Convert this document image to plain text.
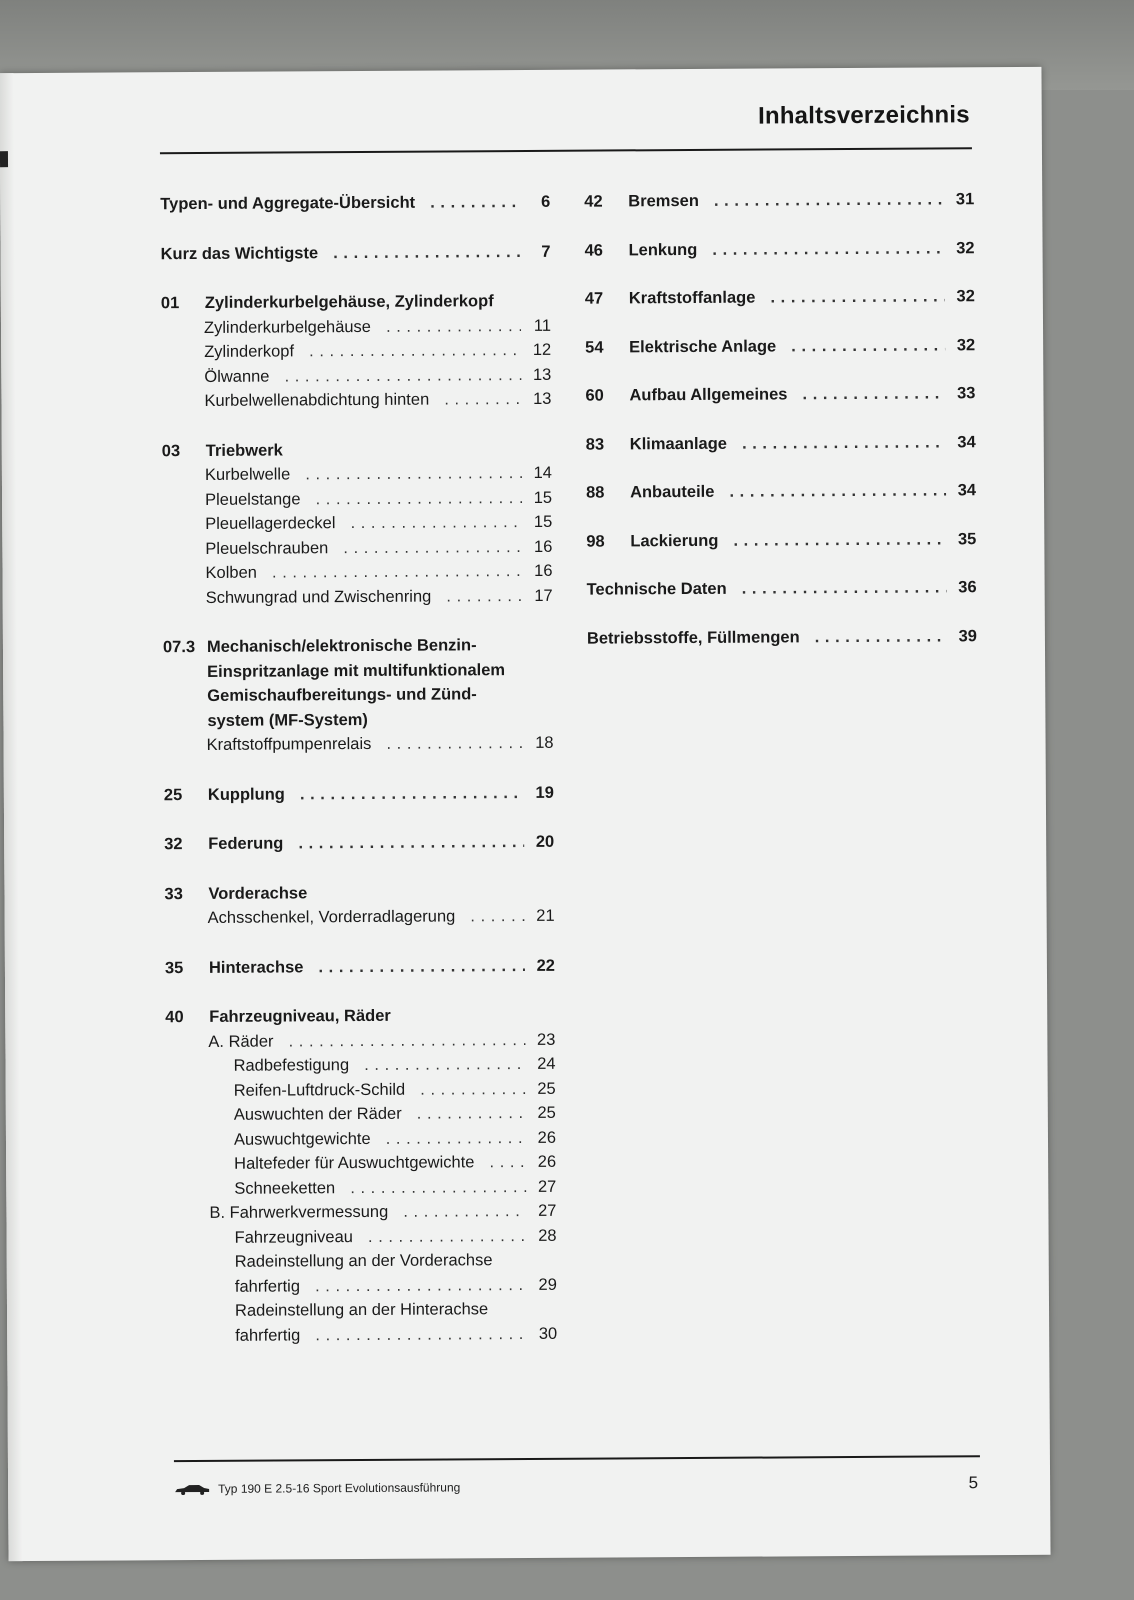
Inhaltsverzeichnis
Typen- und Aggregate-Übersicht . . .	6
Kurz das Wichtigste . . .	7
01	Zylinderkurbelgehäuse, Zylinderkopf
Zylinderkurbelgehäuse . . .	11
Zylinderkopf . . .	12
Ölwanne . . .	13
Kurbelwellenabdichtung hinten . . .	13
03	Triebwerk
Kurbelwelle . . .	14
Pleuelstange . . .	15
Pleuellagerdeckel . . .	15
Pleuelschrauben . . .	16
Kolben . . .	16
Schwungrad und Zwischenring . . .	17
07.3 Mechanisch/elektronische Benzin-
Einspritzanlage mit multifunktionalem
Gemischaufbereitungs- und Zünd-
system (MF-System)
Kraftstoffpumpenrelais . . .	18
25 Kupplung . . .	19
32 Federung . . .	20
33	Vorderachse
Achsschenkel, Vorderradlagerung . . .	21
35 Hinterachse . . .	22
40	Fahrzeugniveau, Räder
A. Räder . . .	23
Radbefestigung . . .	24
Reifen-Luftdruck-Schild . . .	25
Auswuchten der Räder . . .	25
Auswuchtgewichte . . .	26
Haltefeder für Auswuchtgewichte . . .	26
Schneeketten . . .	27
B. Fahrwerkvermessung . . .	27
Fahrzeugniveau . . .	28
Radeinstellung an der Vorderachse
fahrfertig . . .	29
Radeinstellung an der Hinterachse
fahrfertig . . .	30
42 Bremsen . . .	31
46 Lenkung . . .	32
47 Kraftstoffanlage . . .	32
54 Elektrische Anlage . . .	32
60 Aufbau Allgemeines . . .	33
83 Klimaanlage . . .	34
88 Anbauteile . . .	34
98 Lackierung . . .	35
Technische Daten . . .	36
Betriebsstoffe, Füllmengen . . .	39
Typ 190 E 2.5-16 Sport Evolutionsausführung	5
